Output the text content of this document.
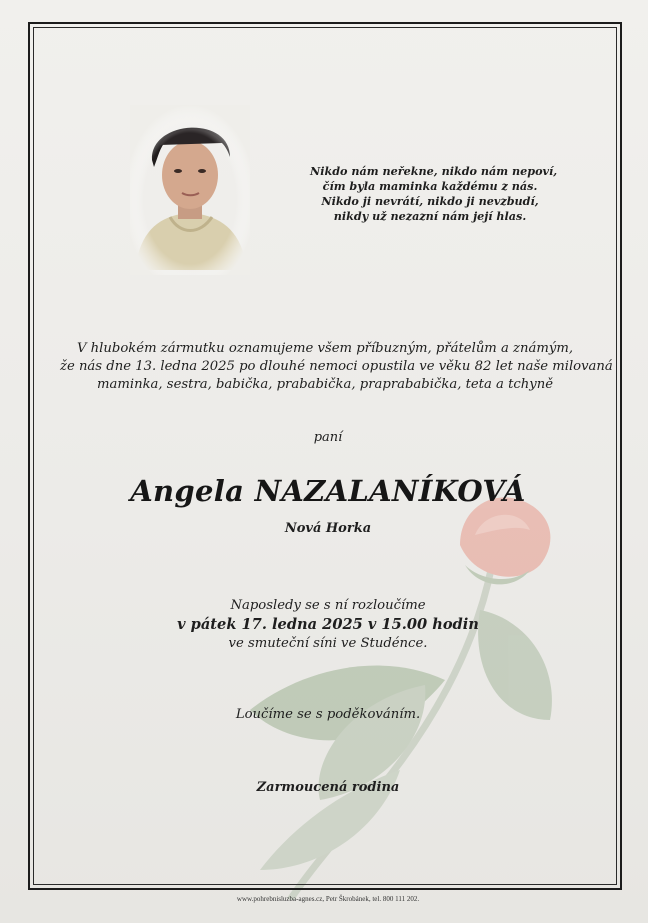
Nikdo nám neřekne, nikdo nám nepoví,
čím byla maminka každému z nás.
Nikdo ji nevrátí, nikdo ji nevzbudí,
nikdy už nezazní nám její hlas.
V hlubokém zármutku oznamujeme všem příbuzným, přátelům a známým,
že nás dne 13. ledna 2025 po dlouhé nemoci opustila ve věku 82 let naše milovaná
maminka, sestra, babička, prababička, praprababička, teta a tchyně
paní
Angela NAZALANÍKOVÁ
Nová Horka
Naposledy se s ní rozloučíme
v pátek 17. ledna 2025 v 15.00 hodin
ve smuteční síni ve Studénce.
Loučíme se s poděkováním.
Zarmoucená rodina
www.pohrebnisluzba-agnes.cz, Petr Škrobánek, tel. 800 111 202.
